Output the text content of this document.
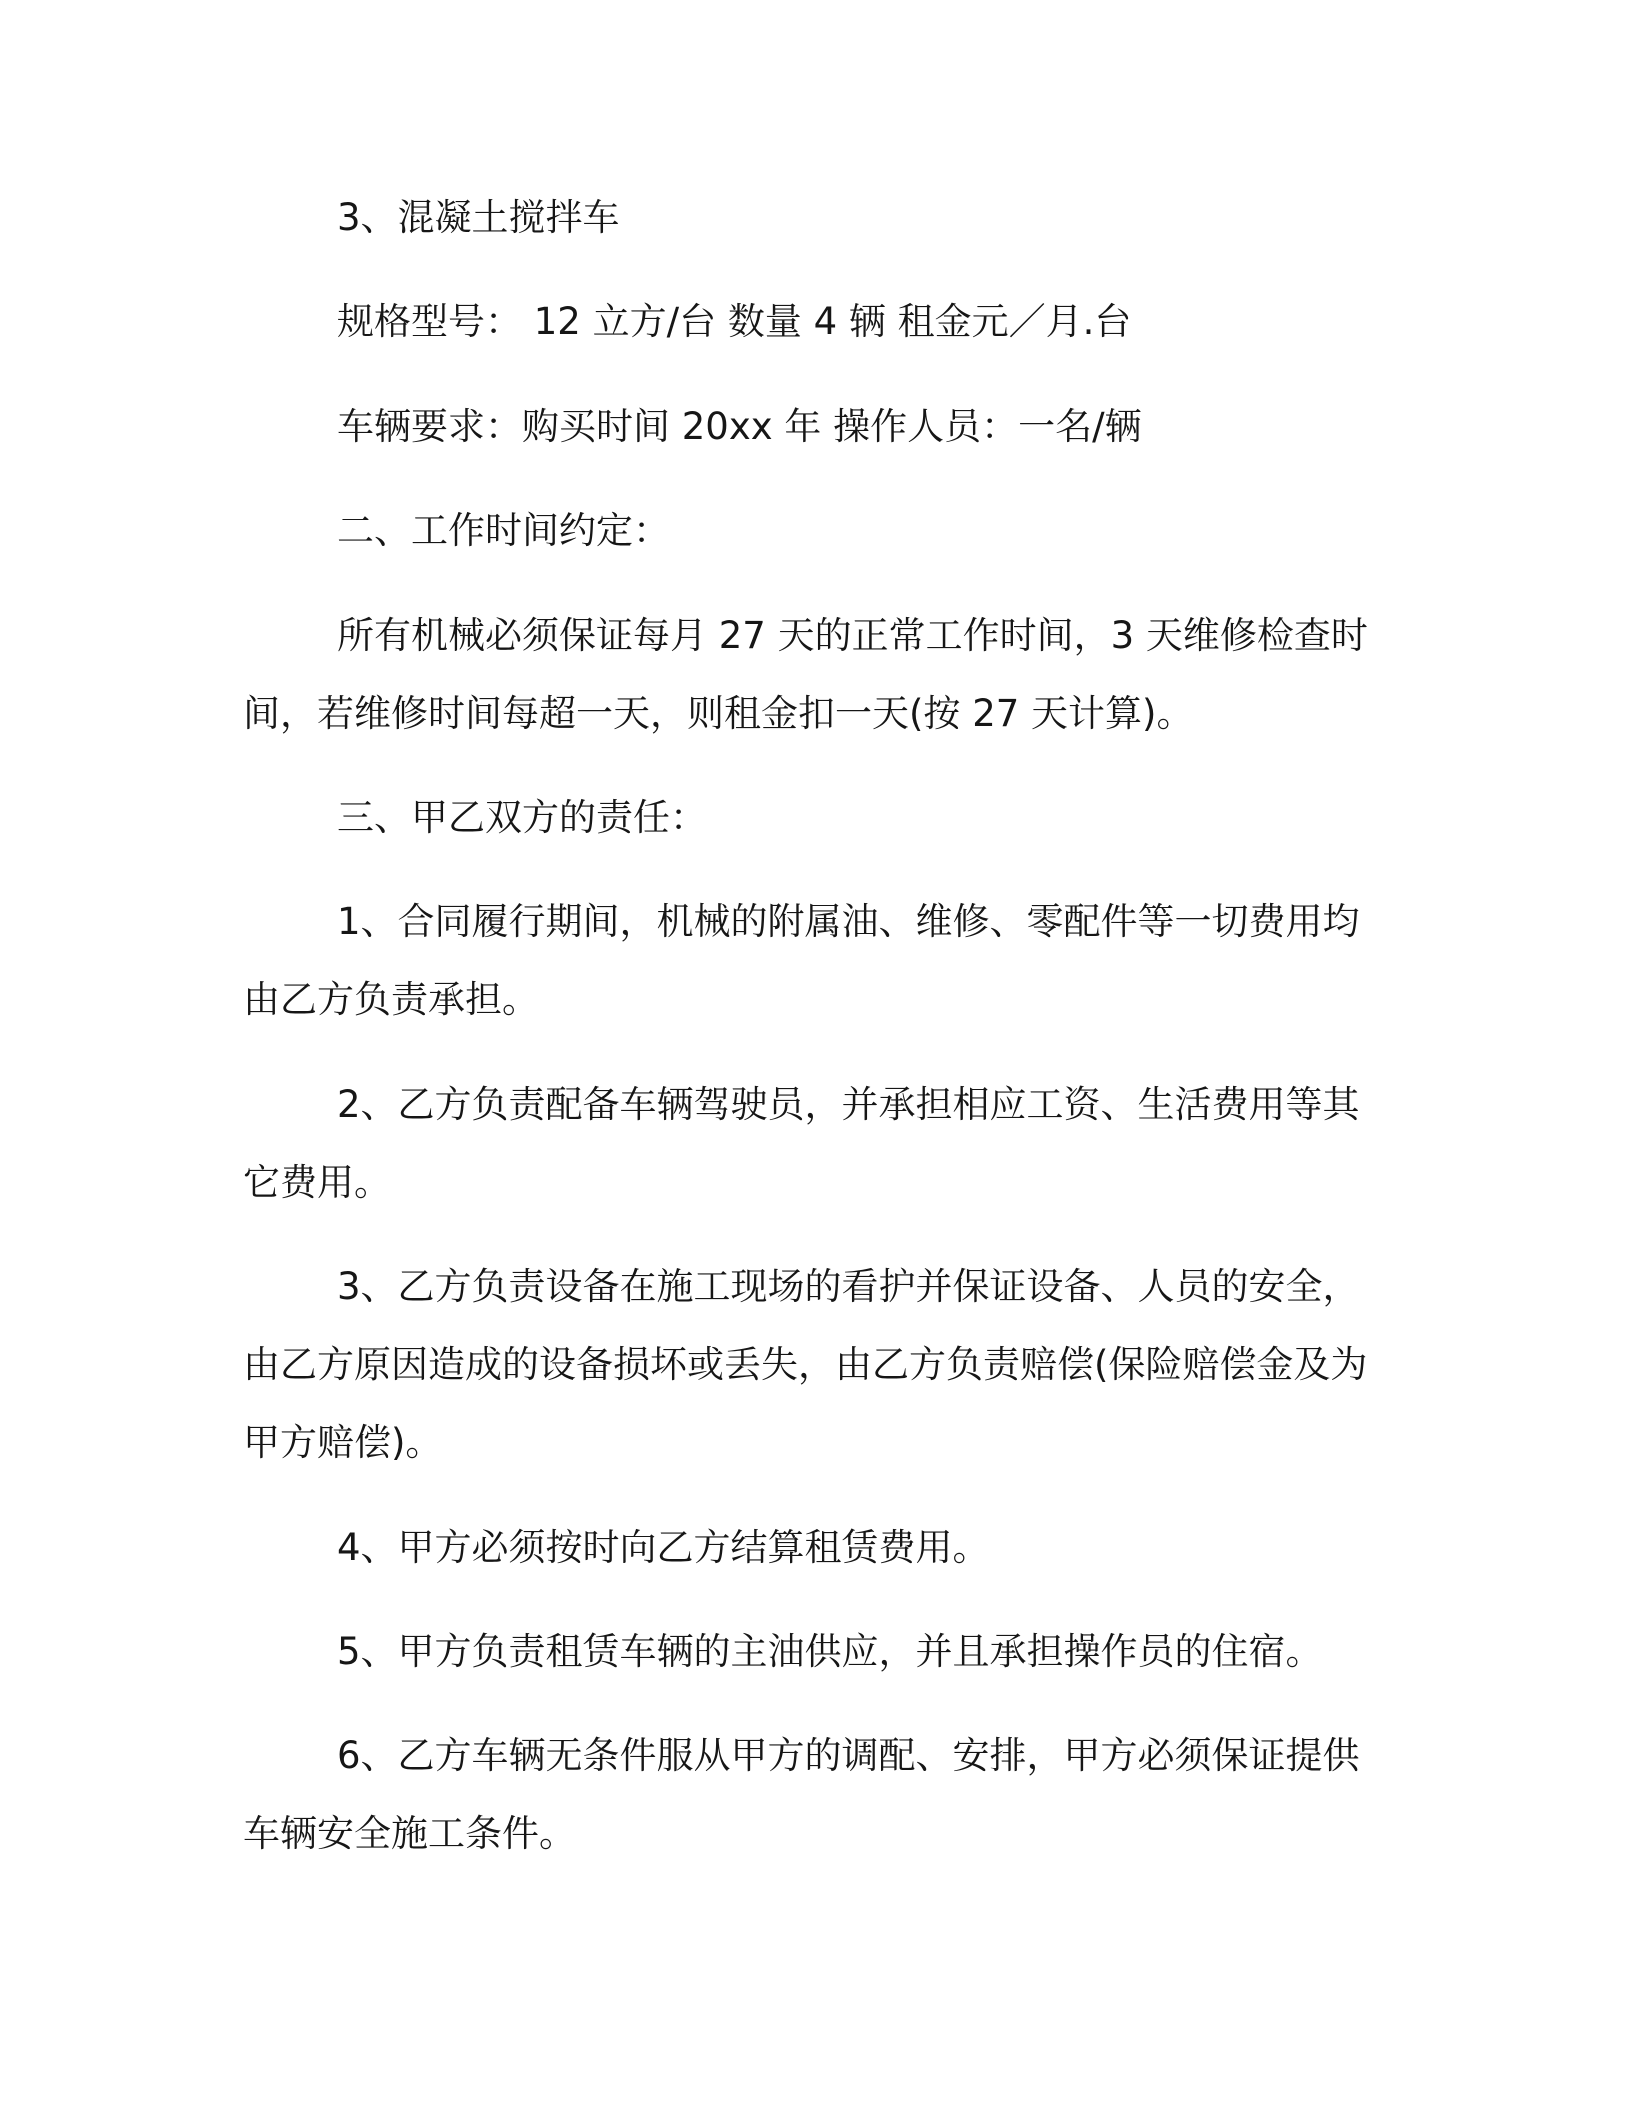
3、混凝土搅拌车
规格型号： 12 立方/台 数量 4 辆 租金元／月.台
车辆要求：购买时间 20xx 年 操作人员：一名/辆
二、工作时间约定：
所有机械必须保证每月 27 天的正常工作时间，3 天维修检查时
间，若维修时间每超一天，则租金扣一天(按 27 天计算)。
三、甲乙双方的责任：
1、合同履行期间，机械的附属油、维修、零配件等一切费用均
由乙方负责承担。
2、乙方负责配备车辆驾驶员，并承担相应工资、生活费用等其
它费用。
3、乙方负责设备在施工现场的看护并保证设备、人员的安全，
由乙方原因造成的设备损坏或丢失，由乙方负责赔偿(保险赔偿金及为
甲方赔偿)。
4、甲方必须按时向乙方结算租赁费用。
5、甲方负责租赁车辆的主油供应，并且承担操作员的住宿。
6、乙方车辆无条件服从甲方的调配、安排，甲方必须保证提供
车辆安全施工条件。
